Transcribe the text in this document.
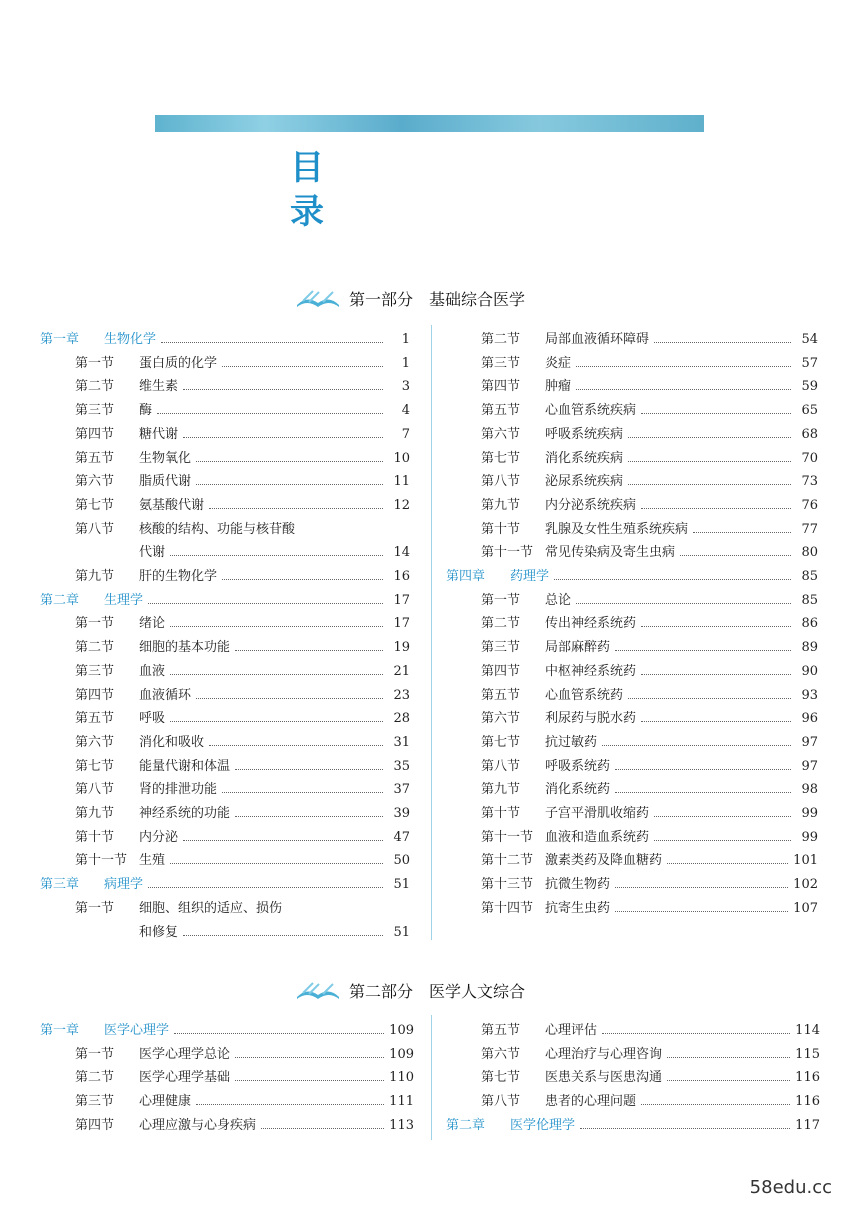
目
录
第一部分　基础综合医学
第一章 生物化学	1
第一节 蛋白质的化学	1
第二节 维生素	3
第三节 酶	4
第四节 糖代谢	7
第五节 生物氧化	10
第六节 脂质代谢	11
第七节 氨基酸代谢	12
第八节 核酸的结构、功能与核苷酸
代谢	14
第九节 肝的生物化学	16
第二章 生理学	17
第一节 绪论	17
第二节 细胞的基本功能	19
第三节 血液	21
第四节 血液循环	23
第五节 呼吸	28
第六节 消化和吸收	31
第七节 能量代谢和体温	35
第八节 肾的排泄功能	37
第九节 神经系统的功能	39
第十节 内分泌	47
第十一节 生殖	50
第三章 病理学	51
第一节 细胞、组织的适应、损伤
和修复	51
第二节 局部血液循环障碍	54
第三节 炎症	57
第四节 肿瘤	59
第五节 心血管系统疾病	65
第六节 呼吸系统疾病	68
第七节 消化系统疾病	70
第八节 泌尿系统疾病	73
第九节 内分泌系统疾病	76
第十节 乳腺及女性生殖系统疾病	77
第十一节 常见传染病及寄生虫病	80
第四章 药理学	85
第一节 总论	85
第二节 传出神经系统药	86
第三节 局部麻醉药	89
第四节 中枢神经系统药	90
第五节 心血管系统药	93
第六节 利尿药与脱水药	96
第七节 抗过敏药	97
第八节 呼吸系统药	97
第九节 消化系统药	98
第十节 子宫平滑肌收缩药	99
第十一节 血液和造血系统药	99
第十二节 激素类药及降血糖药	101
第十三节 抗微生物药	102
第十四节 抗寄生虫药	107
第二部分　医学人文综合
第一章 医学心理学	109
第一节 医学心理学总论	109
第二节 医学心理学基础	110
第三节 心理健康	111
第四节 心理应激与心身疾病	113
第五节 心理评估	114
第六节 心理治疗与心理咨询	115
第七节 医患关系与医患沟通	116
第八节 患者的心理问题	116
第二章 医学伦理学	117
58edu.cc
